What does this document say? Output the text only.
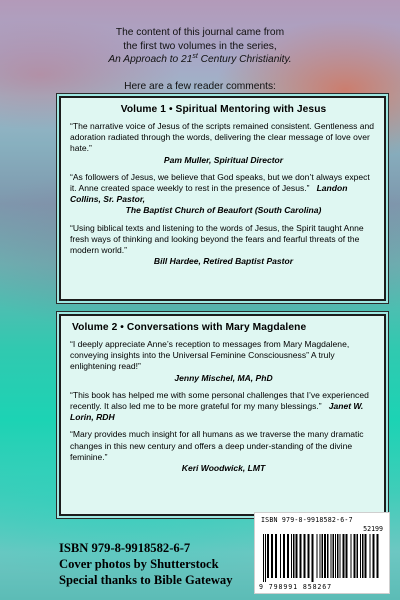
The content of this journal came from

the first two volumes in the series,

An Approach to 21st Century Christianity.

Here are a few reader comments:

Volume 1 • Spiritual Mentoring with Jesus
“The narrative voice of Jesus of the scripts remained consistent. Gentleness and adoration radiated through the words, delivering the clear message of love over hate.”
Pam Muller, Spiritual Director
“As followers of Jesus, we believe that God speaks, but we don’t always expect it. Anne created space weekly to rest in the presence of Jesus.” Landon Collins, Sr. Pastor,
The Baptist Church of Beaufort (South Carolina)
“Using biblical texts and listening to the words of Jesus, the Spirit taught Anne fresh ways of thinking and looking beyond the fears and fearful threats of the modern world.”
Bill Hardee, Retired Baptist Pastor
Volume 2 • Conversations with Mary Magdalene
“I deeply appreciate Anne’s reception to messages from Mary Magdalene, conveying insights into the Universal Feminine Consciousness” A truly enlightening read!”
Jenny Mischel, MA, PhD
“This book has helped me with some personal challenges that I’ve experienced recently. It also led me to be more grateful for my many blessings.” Janet W. Lorin, RDH
“Mary provides much insight for all humans as we traverse the many dramatic changes in this new century and offers a deep under-standing of the divine feminine.”
Keri Woodwick, LMT
ISBN 979-8-9918582-6-7
Cover photos by Shutterstock
Special thanks to Bible Gateway
ISBN 979-8-9918582-6-7
52199
9 798991 858267
